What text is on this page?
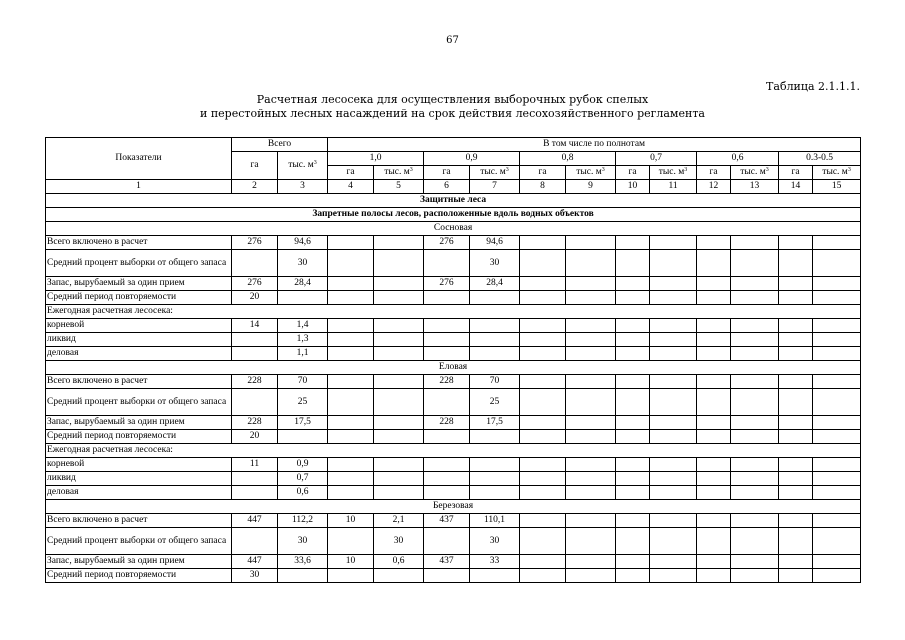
67
Таблица 2.1.1.1.
Расчетная лесосека для осуществления выборочных рубок спелых
и перестойных лесных насаждений на срок действия лесохозяйственного регламента
Показатели	Всего		В том числе по полнотам											
	га	тыс. $м^3$	1,0		0,9		0,8		0,7		0,6		0.3-0.5	
			га	тыс. $м^3$	га	тыс. $м^3$	га	тыс. $м^3$	га	тыс. $м^3$	га	тыс. $м^3$	га	тыс. $м^3$
1	2	3	4	5	6	7	8	9	10	11	12	13	14	15
Защитные леса														
Запретные полосы лесов, расположенные вдоль водных объектов														
Сосновая														
Всего включено в расчет	276	94,6			276	94,6								
Средний процент выборки от общего запаса		30				30								
Запас, вырубаемый за один прием	276	28,4			276	28,4								
Средний период повторяемости	20													
Ежегодная расчетная лесосека:														
корневой	14	1,4												
ликвид		1,3												
деловая		1,1												
Еловая														
Всего включено в расчет	228	70			228	70								
Средний процент выборки от общего запаса		25				25								
Запас, вырубаемый за один прием	228	17,5			228	17,5								
Средний период повторяемости	20													
Ежегодная расчетная лесосека:														
корневой	11	0,9												
ликвид		0,7												
деловая		0,6												
Березовая														
Всего включено в расчет	447	112,2	10	2,1	437	110,1								
Средний процент выборки от общего запаса		30		30		30								
Запас, вырубаемый за один прием	447	33,6	10	0,6	437	33								
Средний период повторяемости	30													
